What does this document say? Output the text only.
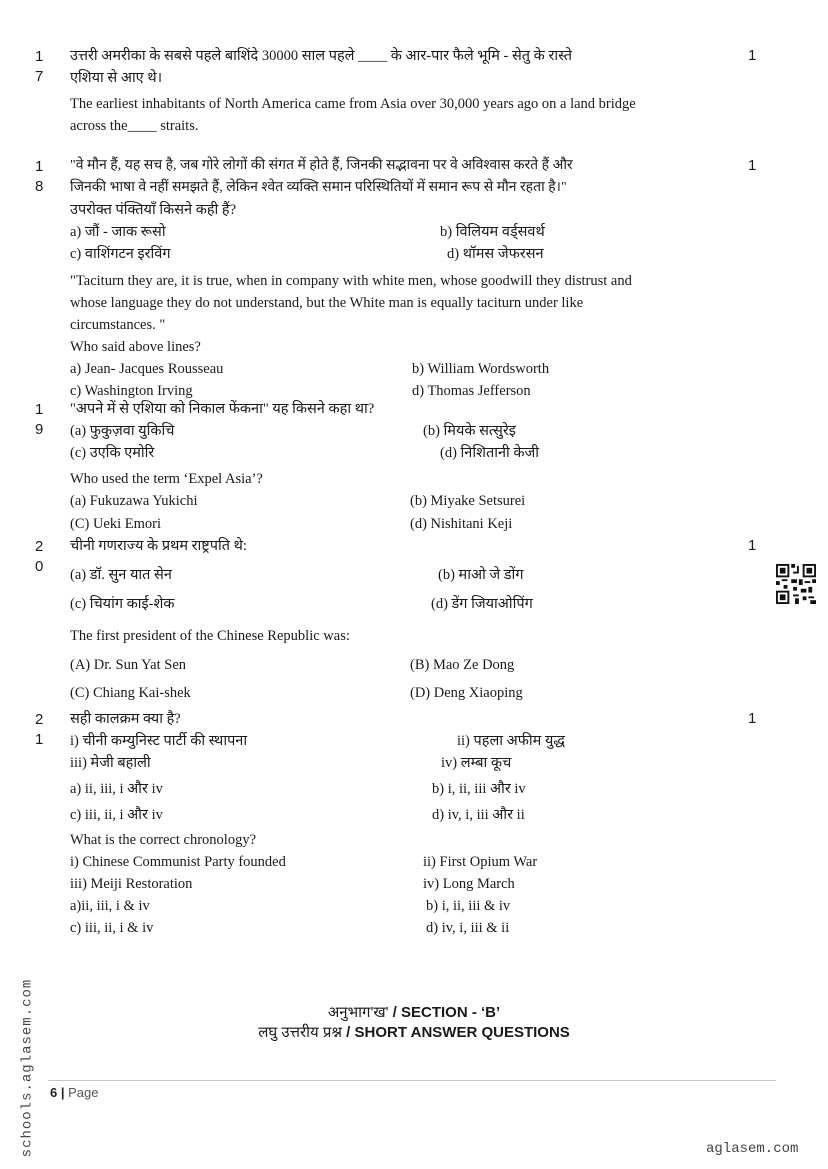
1
7
1
उत्तरी अमरीका के सबसे पहले बाशिंदे 30000 साल पहले ____ के आर-पार फैले भूमि - सेतु के रास्ते
एशिया से आए थे।
The earliest inhabitants of North America came from Asia over 30,000 years ago on a land bridge
across the____ straits.
1
8
1
"वे मौन हैं, यह सच है, जब गोरे लोगों की संगत में होते हैं, जिनकी सद्भावना पर वे अविश्वास करते हैं और
जिनकी भाषा वे नहीं समझते हैं, लेकिन श्वेत व्यक्ति समान परिस्थितियों में समान रूप से मौन रहता है।"
उपरोक्त पंक्तियाँ किसने कही हैं?
a) जौं - जाक रूसो	b) विलियम वर्ड्सवर्थ
c) वाशिंगटन इरविंग	d) थॉमस जेफरसन
"Taciturn they are, it is true, when in company with white men, whose goodwill they distrust and
whose language they do not understand, but the White man is equally taciturn under like
circumstances. "
Who said above lines?
a) Jean- Jacques Rousseau	b) William Wordsworth
c) Washington Irving	d) Thomas Jefferson
1
9
"अपने में से एशिया को निकाल फेंकना" यह किसने कहा था?
(a) फुकुज़वा युकिचि	(b) मियके सत्सुरेइ
(c) उएकि एमोरि	(d) निशितानी केजी
Who used the term ‘Expel Asia’?
(a) Fukuzawa Yukichi	(b) Miyake Setsurei
(C) Ueki Emori	(d) Nishitani Keji
2
0
1
चीनी गणराज्य के प्रथम राष्ट्रपति थे:
(a) डॉ. सुन यात सेन	(b) माओ जे डोंग
(c) चियांग काई-शेक	(d) डेंग जियाओपिंग
The first president of the Chinese Republic was:
(A) Dr. Sun Yat Sen	(B) Mao Ze Dong
(C) Chiang Kai-shek	(D) Deng Xiaoping
2
1
1
सही कालक्रम क्या है?
i) चीनी कम्युनिस्ट पार्टी की स्थापना	ii) पहला अफीम युद्ध
iii) मेजी बहाली	iv) लम्बा कूच
a) ii, iii, i और iv	b) i, ii, iii और iv
c) iii, ii, i और iv	d) iv, i, iii और ii
What is the correct chronology?
i) Chinese Communist Party founded	ii) First Opium War
iii) Meiji Restoration	iv) Long March
a)ii, iii, i & iv	b) i, ii, iii & iv
c) iii, ii, i & iv	d) iv, i, iii & ii
अनुभाग'ख' / SECTION - ‘B’
लघु उत्तरीय प्रश्न / SHORT ANSWER QUESTIONS
6 | Page
schools.aglasem.com	aglasem.com
